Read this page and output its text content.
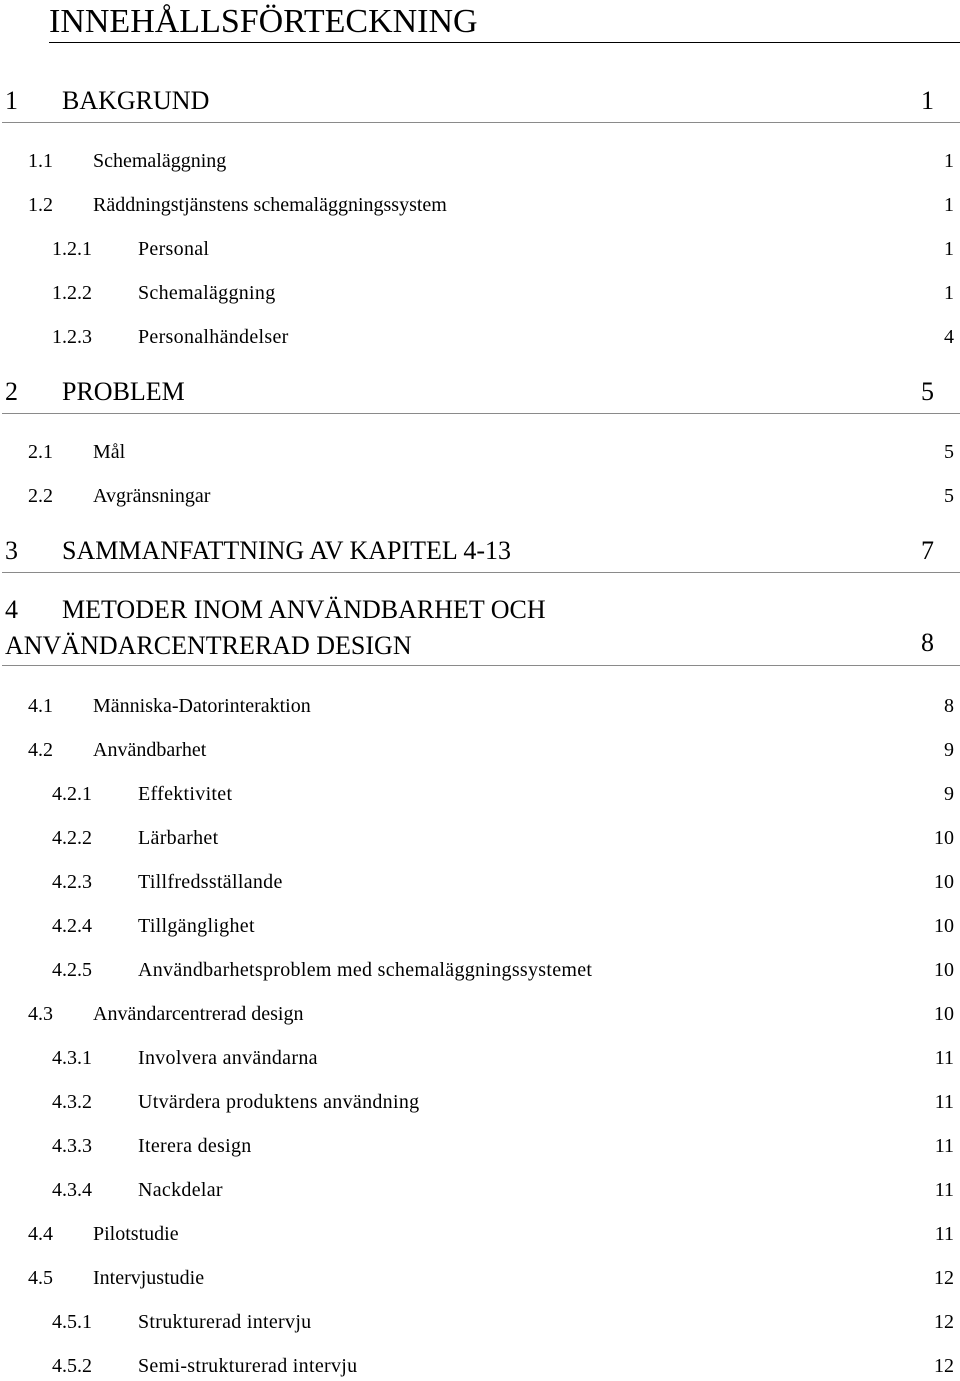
INNEHÅLLSFÖRTECKNING
1 BAKGRUND	1
1.1 Schemaläggning	1
1.2 Räddningstjänstens schemaläggningssystem	1
1.2.1 Personal	1
1.2.2 Schemaläggning	1
1.2.3 Personalhändelser	4
2 PROBLEM	5
2.1 Mål	5
2.2 Avgränsningar	5
3 SAMMANFATTNING AV KAPITEL 4-13	7
4	METODER INOM ANVÄNDBARHET OCH ANVÄNDARCENTRERAD DESIGN	8
4.1 Människa-Datorinteraktion	8
4.2 Användbarhet	9
4.2.1 Effektivitet	9
4.2.2 Lärbarhet	10
4.2.3 Tillfredsställande	10
4.2.4 Tillgänglighet	10
4.2.5 Användbarhetsproblem med schemaläggningssystemet	10
4.3 Användarcentrerad design	10
4.3.1 Involvera användarna	11
4.3.2 Utvärdera produktens användning	11
4.3.3 Iterera design	11
4.3.4 Nackdelar	11
4.4 Pilotstudie	11
4.5 Intervjustudie	12
4.5.1 Strukturerad intervju	12
4.5.2 Semi-strukturerad intervju	12
